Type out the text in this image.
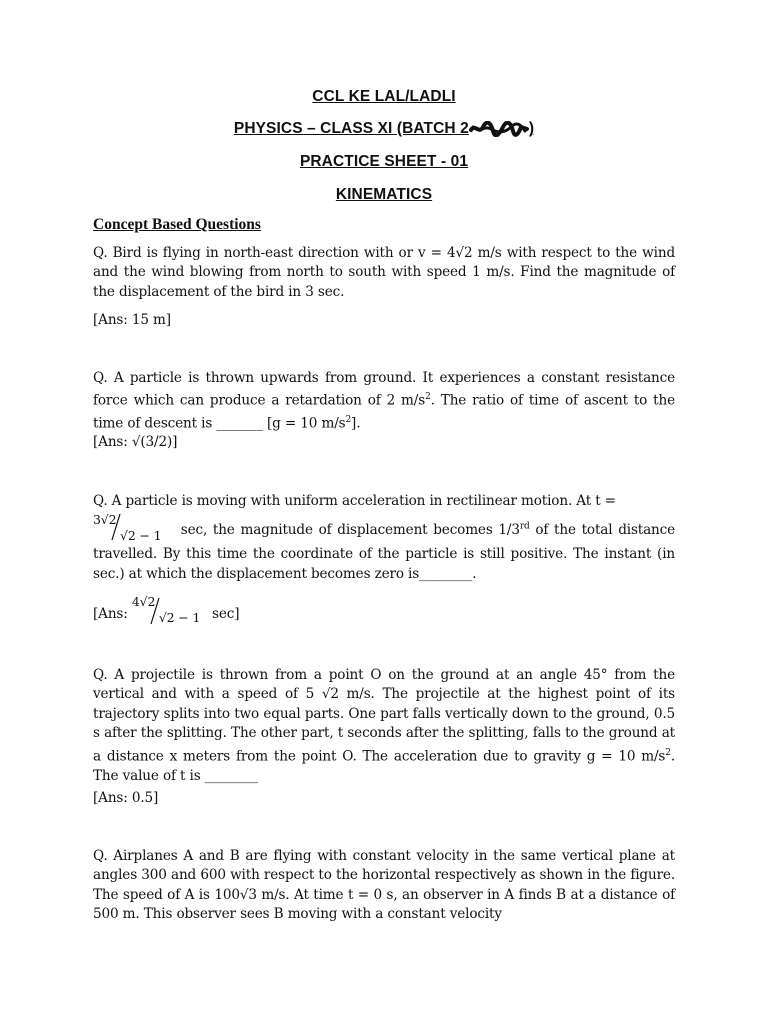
CCL KE LAL/LADLI
PHYSICS – CLASS XI (BATCH 2	)
PRACTICE SHEET - 01
KINEMATICS
Concept Based Questions
Q. Bird is flying in north-east direction with or v = 4√2 m/s with respect to the wind and the wind blowing from north to south with speed 1 m/s. Find the magnitude of the displacement of the bird in 3 sec.
[Ans: 15 m]
Q. A particle is thrown upwards from ground. It experiences a constant resistance force which can produce a retardation of 2 $m/s^2$. The ratio of time of ascent to the time of descent is _______ [g = 10 $m/s^2$].
[Ans: √(3/2)]
Q. A particle is moving with uniform acceleration in rectilinear motion. At t =
3√2
√2 − 1 sec, the magnitude of displacement becomes 1/3rd of the total distance travelled. By this time the coordinate of the particle is still positive. The instant (in sec.) at which the displacement becomes zero is________.
[Ans:
4√2
√2 − 1 sec]
Q. A projectile is thrown from a point O on the ground at an angle 45° from the vertical and with a speed of 5 √2 m/s. The projectile at the highest point of its trajectory splits into two equal parts. One part falls vertically down to the ground, 0.5 s after the splitting. The other part, t seconds after the splitting, falls to the ground at a distance x meters from the point O. The acceleration due to gravity g = 10 $m/s^2$. The value of t is ________
[Ans: 0.5]
Q. Airplanes A and B are flying with constant velocity in the same vertical plane at angles 300 and 600 with respect to the horizontal respectively as shown in the figure. The speed of A is 100√3 m/s. At time t = 0 s, an observer in A finds B at a distance of 500 m. This observer sees B moving with a constant velocity
